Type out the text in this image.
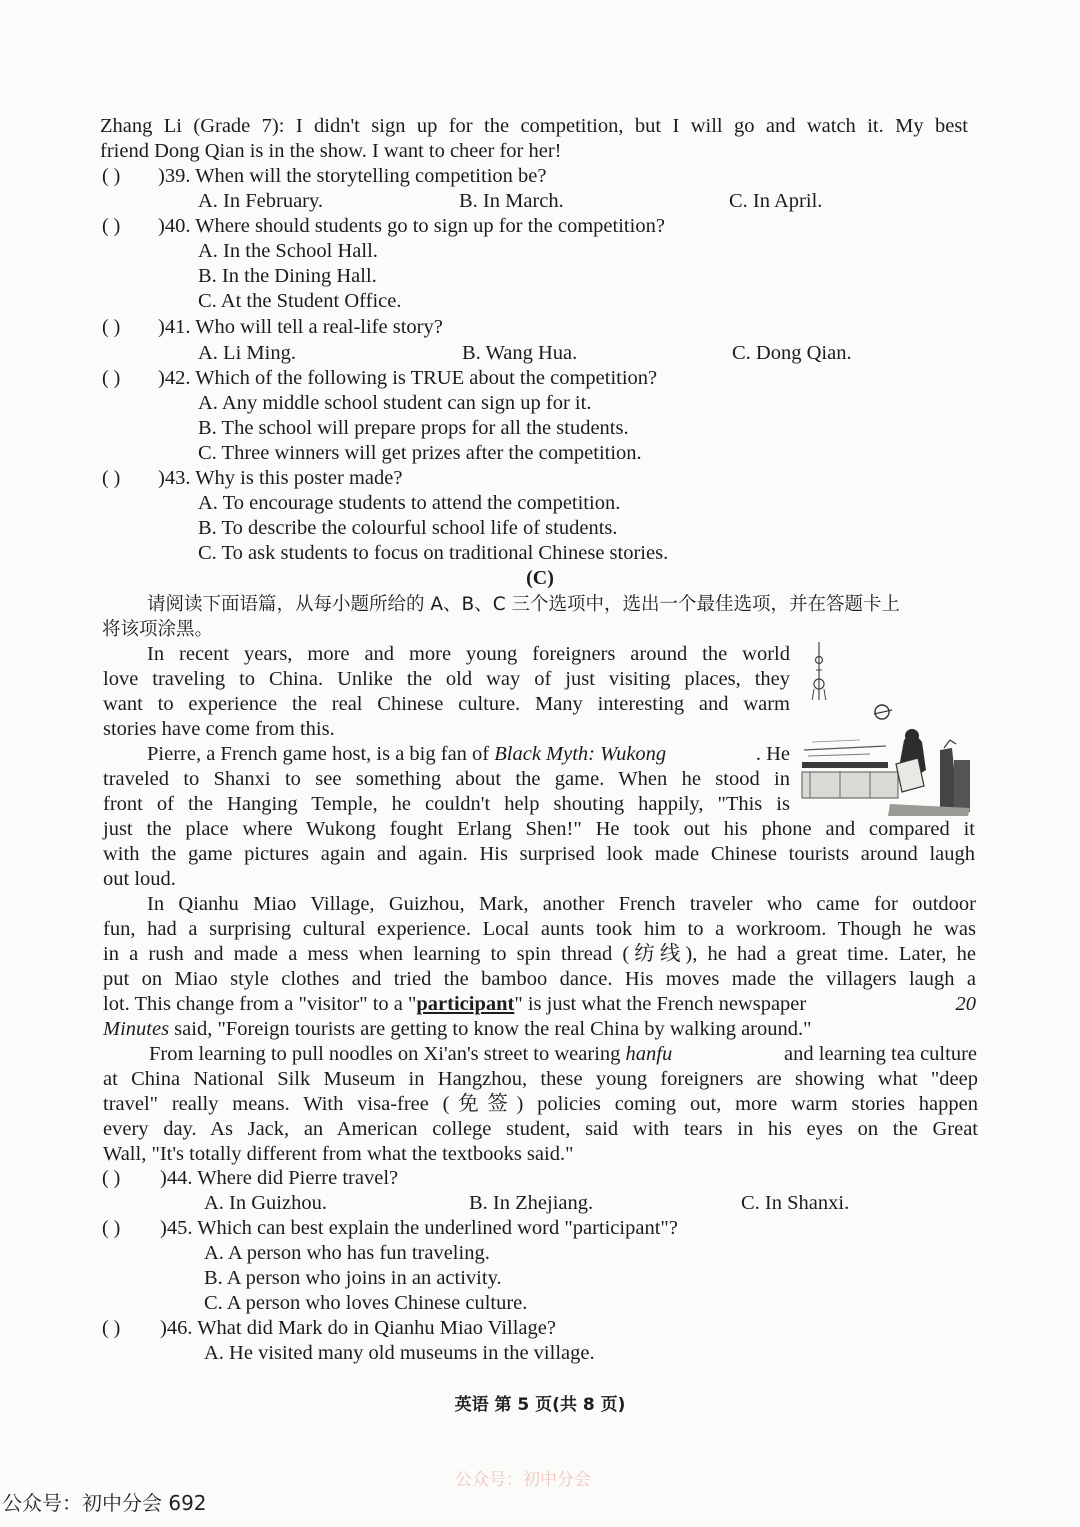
Zhang Li (Grade 7): I didn't sign up for the competition, but I will go and watch it. My best
friend Dong Qian is in the show. I want to cheer for her!
( )	)39. When will the storytelling competition be?
A. In February.	B. In March.	C. In April.
( )	)40. Where should students go to sign up for the competition?
A. In the School Hall.
B. In the Dining Hall.
C. At the Student Office.
( )	)41. Who will tell a real-life story?
A. Li Ming.	B. Wang Hua.	C. Dong Qian.
( )	)42. Which of the following is TRUE about the competition?
A. Any middle school student can sign up for it.
B. The school will prepare props for all the students.
C. Three winners will get prizes after the competition.
( )	)43. Why is this poster made?
A. To encourage students to attend the competition.
B. To describe the colourful school life of students.
C. To ask students to focus on traditional Chinese stories.
(C)
请阅读下面语篇，从每小题所给的 A、B、C 三个选项中，选出一个最佳选项，并在答题卡上
将该项涂黑。
In recent years, more and more young foreigners around the world
love traveling to China. Unlike the old way of just visiting places, they
want to experience the real Chinese culture. Many interesting and warm
stories have come from this.
Pierre, a French game host, is a big fan of Black Myth: Wukong	. He
traveled to Shanxi to see something about the game. When he stood in
front of the Hanging Temple, he couldn't help shouting happily, "This is
just the place where Wukong fought Erlang Shen!" He took out his phone and compared it
with the game pictures again and again. His surprised look made Chinese tourists around laugh
out loud.
In Qianhu Miao Village, Guizhou, Mark, another French traveler who came for outdoor
fun, had a surprising cultural experience. Local aunts took him to a workroom. Though he was
in a rush and made a mess when learning to spin thread (纺线), he had a great time. Later, he
put on Miao style clothes and tried the bamboo dance. His moves made the villagers laugh a
lot. This change from a "visitor" to a " participant " is just what the French newspaper	20
Minutes said, "Foreign tourists are getting to know the real China by walking around."
From learning to pull noodles on Xi'an's street to wearing hanfu	and learning tea culture
at China National Silk Museum in Hangzhou, these young foreigners are showing what "deep
travel" really means. With visa-free (免签) policies coming out, more warm stories happen
every day. As Jack, an American college student, said with tears in his eyes on the Great
Wall, "It's totally different from what the textbooks said."
( )	)44. Where did Pierre travel?
A. In Guizhou.	B. In Zhejiang.	C. In Shanxi.
( )	)45. Which can best explain the underlined word "participant"?
A. A person who has fun traveling.
B. A person who joins in an activity.
C. A person who loves Chinese culture.
( )	)46. What did Mark do in Qianhu Miao Village?
A. He visited many old museums in the village.
英语 第 5 页(共 8 页)
公众号：初中分会
公众号：初中分会 692
